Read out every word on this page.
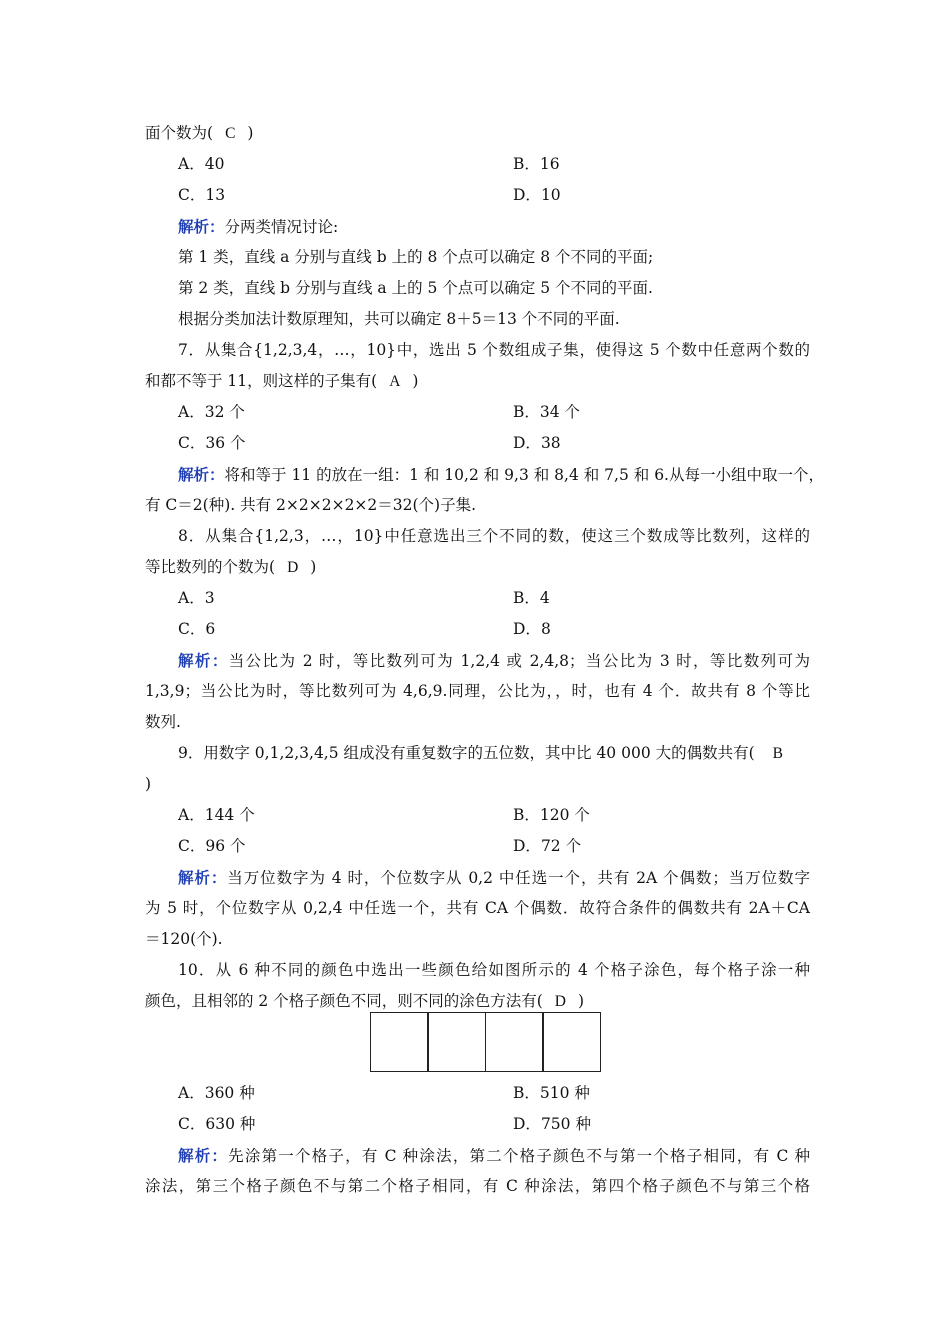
面个数为( C )
A．40	B．16
C．13	D．10
解析：分两类情况讨论:
第 1 类，直线 a 分别与直线 b 上的 8 个点可以确定 8 个不同的平面;
第 2 类，直线 b 分别与直线 a 上的 5 个点可以确定 5 个不同的平面.
根据分类加法计数原理知，共可以确定 8＋5＝13 个不同的平面.
7．从集合{1,2,3,4，…，10}中，选出 5 个数组成子集，使得这 5 个数中任意两个数的
和都不等于 11，则这样的子集有( A )
A．32 个	B．34 个
C．36 个	D．38
解析：将和等于 11 的放在一组：1 和 10,2 和 9,3 和 8,4 和 7,5 和 6.从每一小组中取一个，
有 C＝2(种). 共有 2×2×2×2×2＝32(个)子集.
8．从集合{1,2,3，…，10}中任意选出三个不同的数，使这三个数成等比数列，这样的
等比数列的个数为( D )
A．3	B．4
C．6	D．8
解析：当公比为 2 时，等比数列可为 1,2,4 或 2,4,8；当公比为 3 时，等比数列可为
1,3,9；当公比为时，等比数列可为 4,6,9.同理，公比为，，时，也有 4 个．故共有 8 个等比
数列.
9．用数字 0,1,2,3,4,5 组成没有重复数字的五位数，其中比 40 000 大的偶数共有( B
)
A．144 个	B．120 个
C．96 个	D．72 个
解析：当万位数字为 4 时，个位数字从 0,2 中任选一个，共有 2A 个偶数；当万位数字
为 5 时，个位数字从 0,2,4 中任选一个，共有 CA 个偶数．故符合条件的偶数共有 2A＋CA
＝120(个).
10．从 6 种不同的颜色中选出一些颜色给如图所示的 4 个格子涂色，每个格子涂一种
颜色，且相邻的 2 个格子颜色不同，则不同的涂色方法有( D )
A．360 种	B．510 种
C．630 种	D．750 种
解析：先涂第一个格子，有 C 种涂法，第二个格子颜色不与第一个格子相同，有 C 种
涂法，第三个格子颜色不与第二个格子相同，有 C 种涂法，第四个格子颜色不与第三个格
